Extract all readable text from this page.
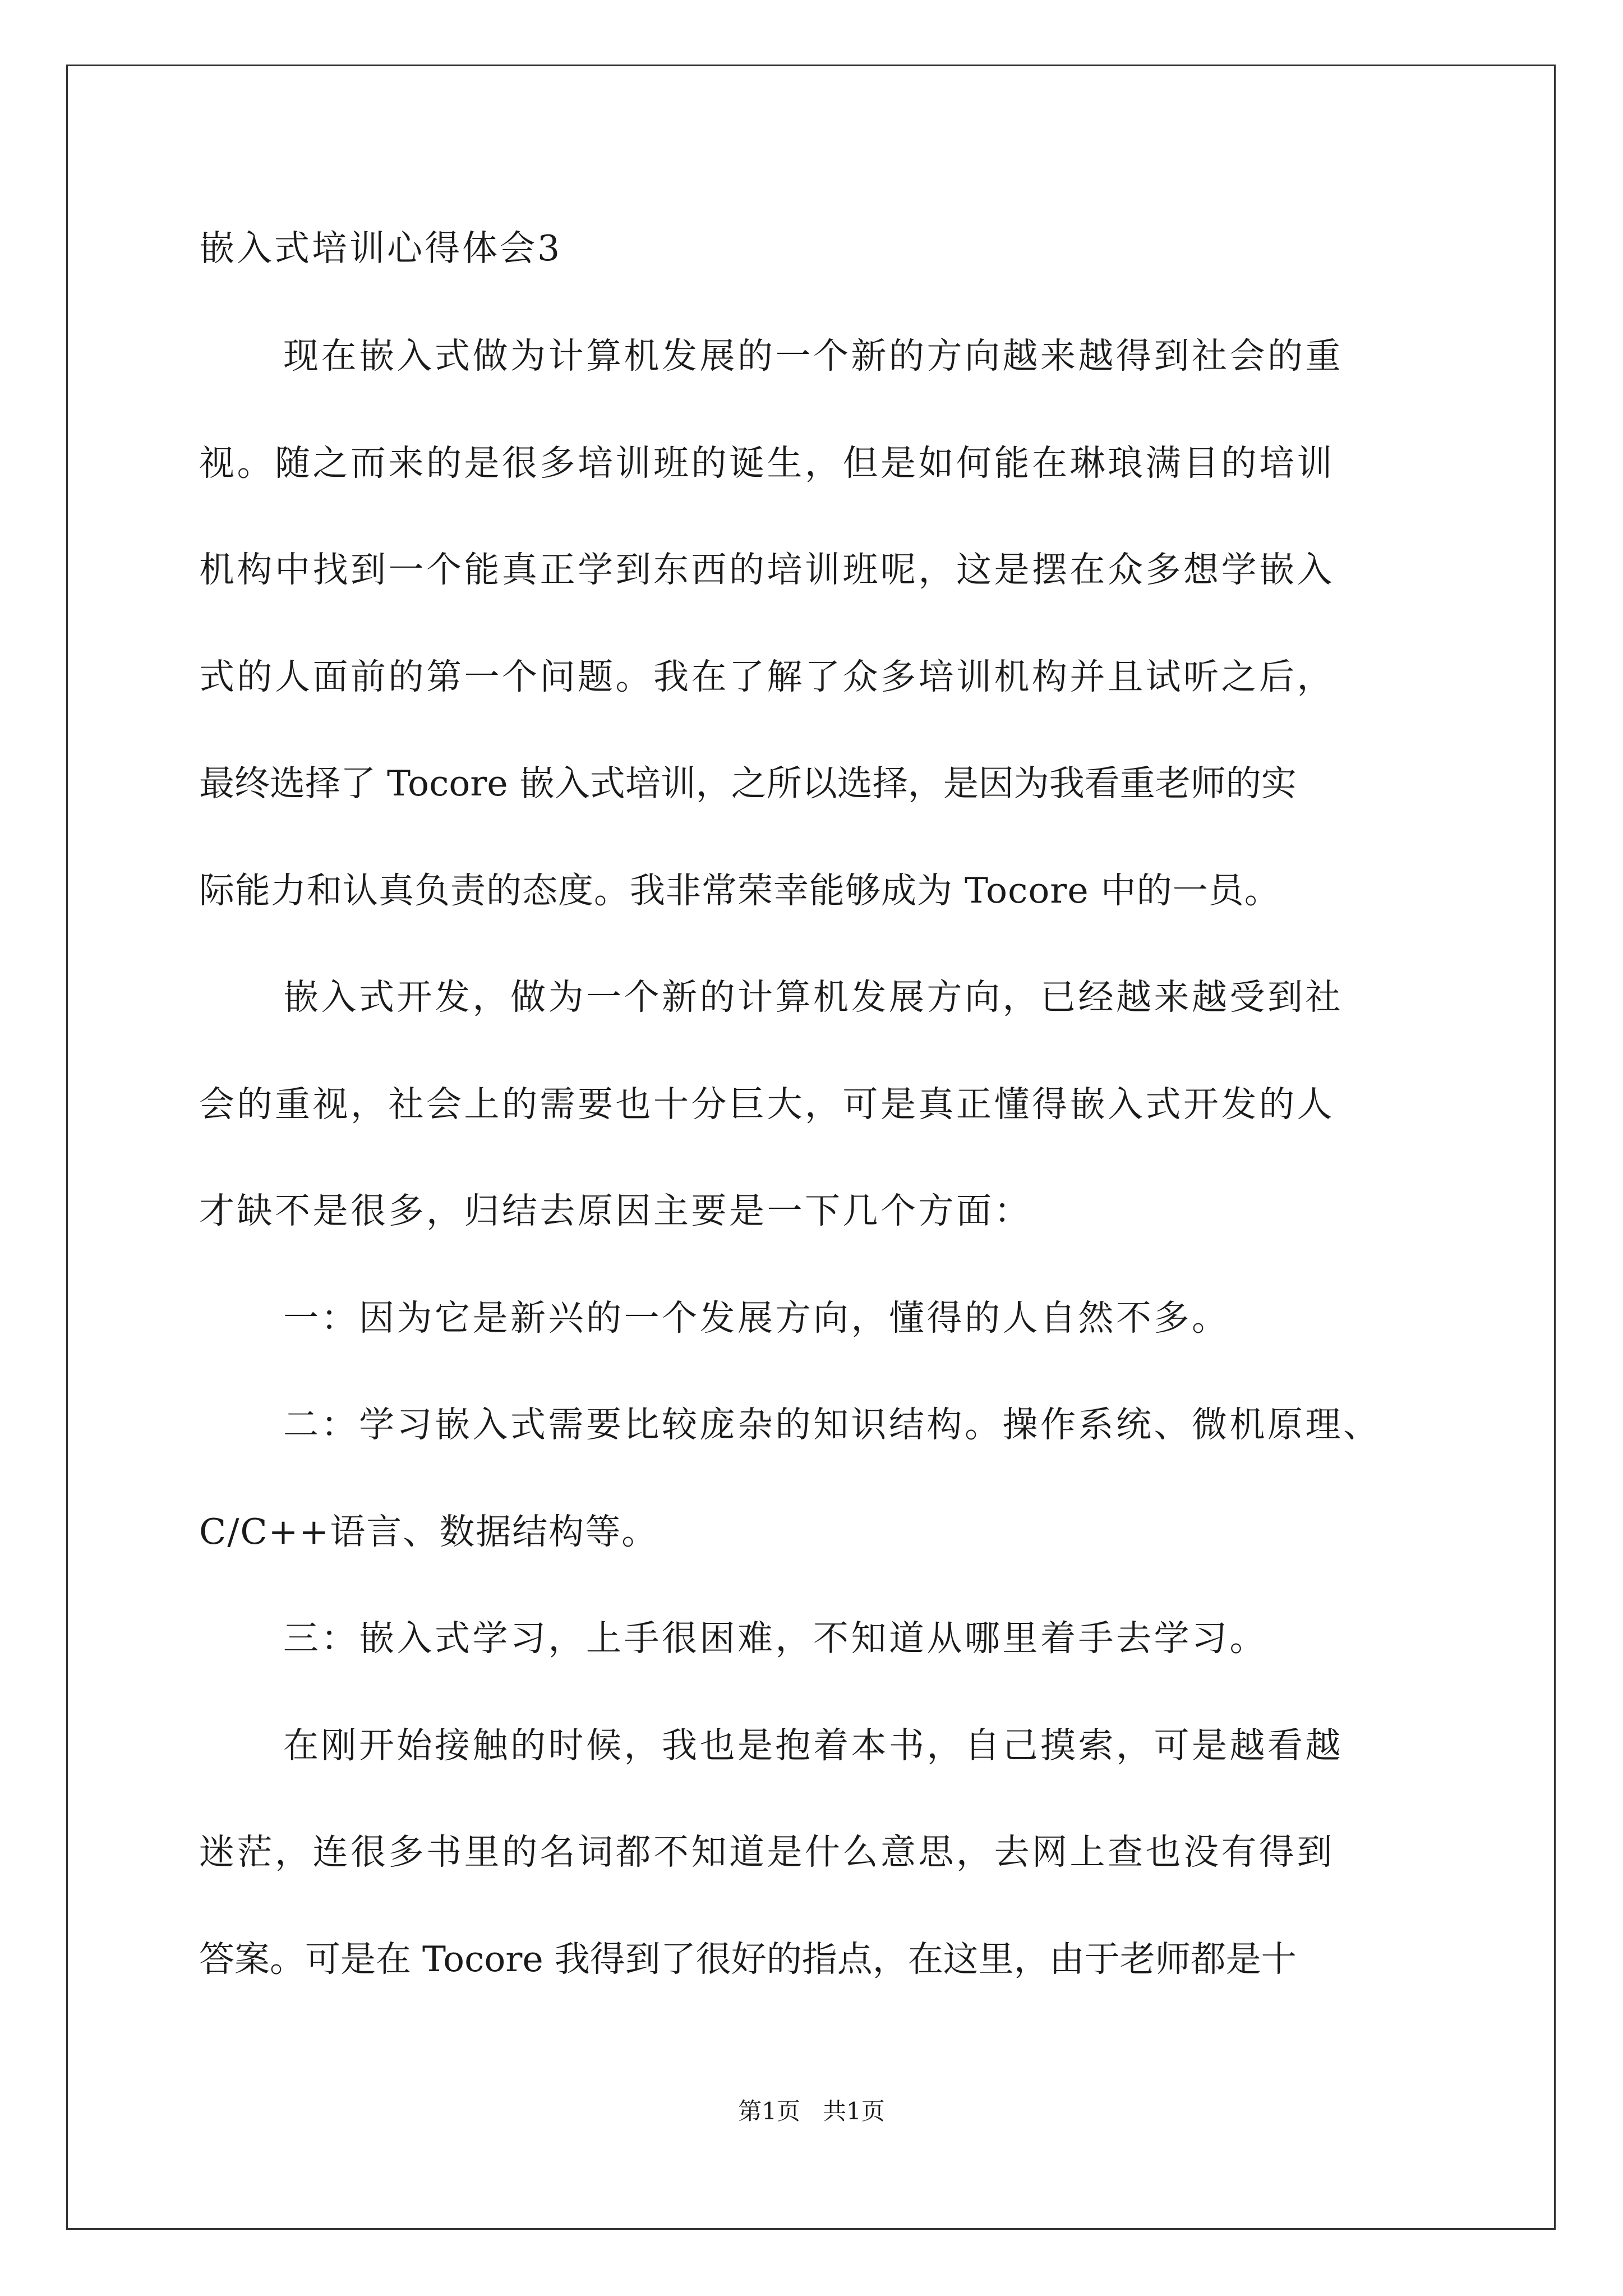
嵌入式培训心得体会3

现在嵌入式做为计算机发展的一个新的方向越来越得到社会的重

视。随之而来的是很多培训班的诞生，但是如何能在琳琅满目的培训

机构中找到一个能真正学到东西的培训班呢，这是摆在众多想学嵌入

式的人面前的第一个问题。我在了解了众多培训机构并且试听之后，

最终选择了 Tocore 嵌入式培训，之所以选择，是因为我看重老师的实

际能力和认真负责的态度。我非常荣幸能够成为 Tocore 中的一员。

嵌入式开发，做为一个新的计算机发展方向，已经越来越受到社

会的重视，社会上的需要也十分巨大，可是真正懂得嵌入式开发的人

才缺不是很多，归结去原因主要是一下几个方面：

一：因为它是新兴的一个发展方向，懂得的人自然不多。

二：学习嵌入式需要比较庞杂的知识结构。操作系统、微机原理、

C/C++语言、数据结构等。

三：嵌入式学习，上手很困难，不知道从哪里着手去学习。

在刚开始接触的时候，我也是抱着本书，自己摸索，可是越看越

迷茫，连很多书里的名词都不知道是什么意思，去网上查也没有得到

答案。可是在 Tocore 我得到了很好的指点，在这里，由于老师都是十

第1页   共1页
